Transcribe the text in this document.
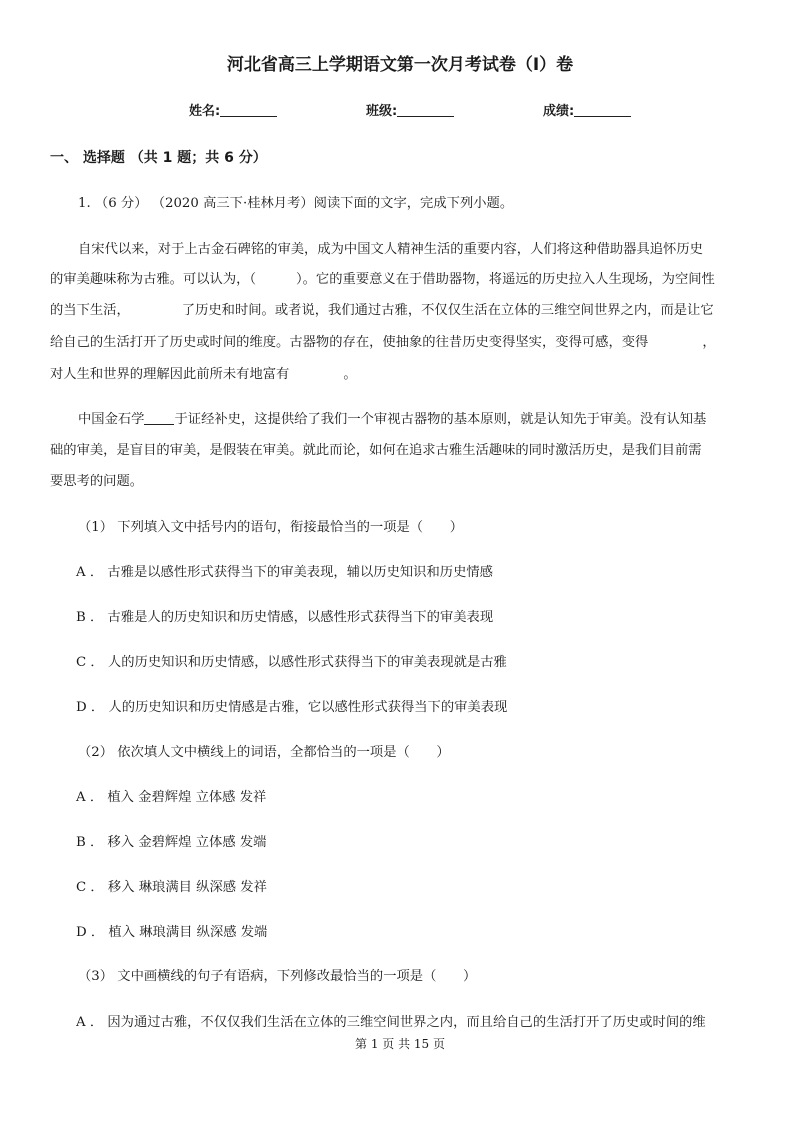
河北省高三上学期语文第一次月考试卷（I）卷
姓名:	班级:	成绩:
一、 选择题 （共 1 题；共 6 分）
1. （6 分） （2020 高三下·桂林月考）阅读下面的文字，完成下列小题。
自宋代以来，对于上古金石碑铭的审美，成为中国文人精神生活的重要内容，人们将这种借助器具追怀历史
的审美趣味称为古雅。可以认为，（　　　）。它的重要意义在于借助器物，将遥远的历史拉入人生现场，为空间性
的当下生活，	了历史和时间。或者说，我们通过古雅，不仅仅生活在立体的三维空间世界之内，而是让它
给自己的生活打开了历史或时间的维度。古器物的存在，使抽象的往昔历史变得坚实，变得可感，变得	，
对人生和世界的理解因此前所未有地富有	。
中国金石学 于证经补史，这提供给了我们一个审视古器物的基本原则，就是认知先于审美。没有认知基
础的审美，是盲目的审美，是假装在审美。就此而论，如何在追求古雅生活趣味的同时激活历史，是我们目前需
要思考的问题。
（1） 下列填入文中括号内的语句，衔接最恰当的一项是（　　）
A ． 古雅是以感性形式获得当下的审美表现，辅以历史知识和历史情感
B ． 古雅是人的历史知识和历史情感，以感性形式获得当下的审美表现
C ． 人的历史知识和历史情感，以感性形式获得当下的审美表现就是古雅
D ． 人的历史知识和历史情感是古雅，它以感性形式获得当下的审美表现
（2） 依次填人文中横线上的词语，全都恰当的一项是（　　）
A ． 植入 金碧辉煌 立体感 发祥
B ． 移入 金碧辉煌 立体感 发端
C ． 移入 琳琅满目 纵深感 发祥
D ． 植入 琳琅满目 纵深感 发端
（3） 文中画横线的句子有语病，下列修改最恰当的一项是（　　）
A ． 因为通过古雅，不仅仅我们生活在立体的三维空间世界之内，而且给自己的生活打开了历史或时间的维
第 1 页 共 15 页
